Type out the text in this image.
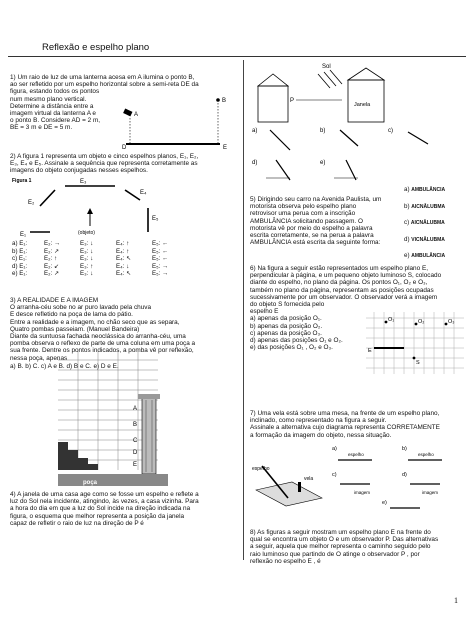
Reflexão e espelho plano
1) Um raio de luz de uma lanterna acesa em A ilumina o ponto B,
ao ser refletido por um espelho horizontal sobre a semi-reta DE da
figura, estando todos os pontos
num mesmo plano vertical.
Determine a distância entre a
imagem virtual da lanterna A e
o ponto B. Considere AD = 2 m,
BE = 3 m e DE = 5 m.
A
B
D	E
2) A figura 1 representa um objeto e cinco espelhos planos, E₁, E₂,
E₃, E₄ e E₅. Assinale a sequência que representa corretamente as
imagens do objeto conjugadas nesses espelhos.
Figura 1	E₃
E₂
E₄
E₅
E₁	(objeto)
a) E₁:	E₂: →	E₃: ↓	E₄: ↑	E₅: ←
b) E₁:	E₂: ↗	E₃: ↓	E₄: ↑	E₅: ←
c) E₁:	E₂: ↑	E₃: ↓	E₄: ↖	E₅: ←
d) E₁:	E₂: ↙	E₃: ↑	E₄: ↓	E₅: →
e) E₁:	E₂: ↗	E₃: ↓	E₄: ↖	E₅: →
3) A REALIDADE E A IMAGEM
O arranha-céu sobe no ar puro lavado pela chuva
E desce refletido na poça de lama do pátio.
Entre a realidade e a imagem, no chão seco que as separa,
Quatro pombas passeiam. (Manuel Bandeira)
Diante da suntuosa fachada neoclássica do arranha-céu, uma
pomba observa o reflexo de parte de uma coluna em uma poça a
sua frente. Dentre os pontos indicados, a pomba vê por reflexão,
nessa poça, apenas
a) B. b) C. c) A e B. d) B e C. e) D e E.
A
B
C
D
E
poça
4) A janela de uma casa age como se fosse um espelho e reflete a
luz do Sol nela incidente, atingindo, às vezes, a casa vizinha. Para
a hora do dia em que a luz do Sol incide na direção indicada na
figura, o esquema que melhor representa a posição da janela
capaz de refletir o raio de luz na direção de P é
Sol
Janela
P
a)	b)	c)
d)	e)
5) Dirigindo seu carro na Avenida Paulista, um
motorista observa pelo espelho plano
retrovisor uma perua com a inscrição
AMBULÂNCIA solicitando passagem. O
motorista vê por meio do espelho a palavra
escrita corretamente, se na perua a palavra
AMBULÂNCIA está escrita da seguinte forma:
a) AMBULÂNCIA
b) AICNÂLUBMA
c) AICNÂLUBMA
d) VICNÂLUBMA
e) AMBULÂNCIA
6) Na figura a seguir estão representados um espelho plano E,
perpendicular à página, e um pequeno objeto luminoso S, colocado
diante do espelho, no plano da página. Os pontos O₁, O₂ e O₃,
também no plano da página, representam as posições ocupadas
sucessivamente por um observador. O observador verá a imagem
do objeto S fornecida pelo
espelho E
a) apenas da posição O₁.
b) apenas da posição O₂.
c) apenas da posição O₃.
d) apenas das posições O₁ e O₂.
e) das posições O₁ , O₂ e O₃.	E
S
O₁	O₂	O₃
7) Uma vela está sobre uma mesa, na frente de um espelho plano,
inclinado, como representado na figura a seguir.
Assinale a alternativa cujo diagrama representa CORRETAMENTE
a formação da imagem do objeto, nessa situação.
espelho
vela
a)	b)
espelho	espelho
c)	d)
imagem	imagem
e)
8) As figuras a seguir mostram um espelho plano E na frente do
qual se encontra um objeto O e um observador P. Das alternativas
a seguir, aquela que melhor representa o caminho seguido pelo
raio luminoso que partindo de O atinge o observador P , por
reflexão no espelho E , é
1
